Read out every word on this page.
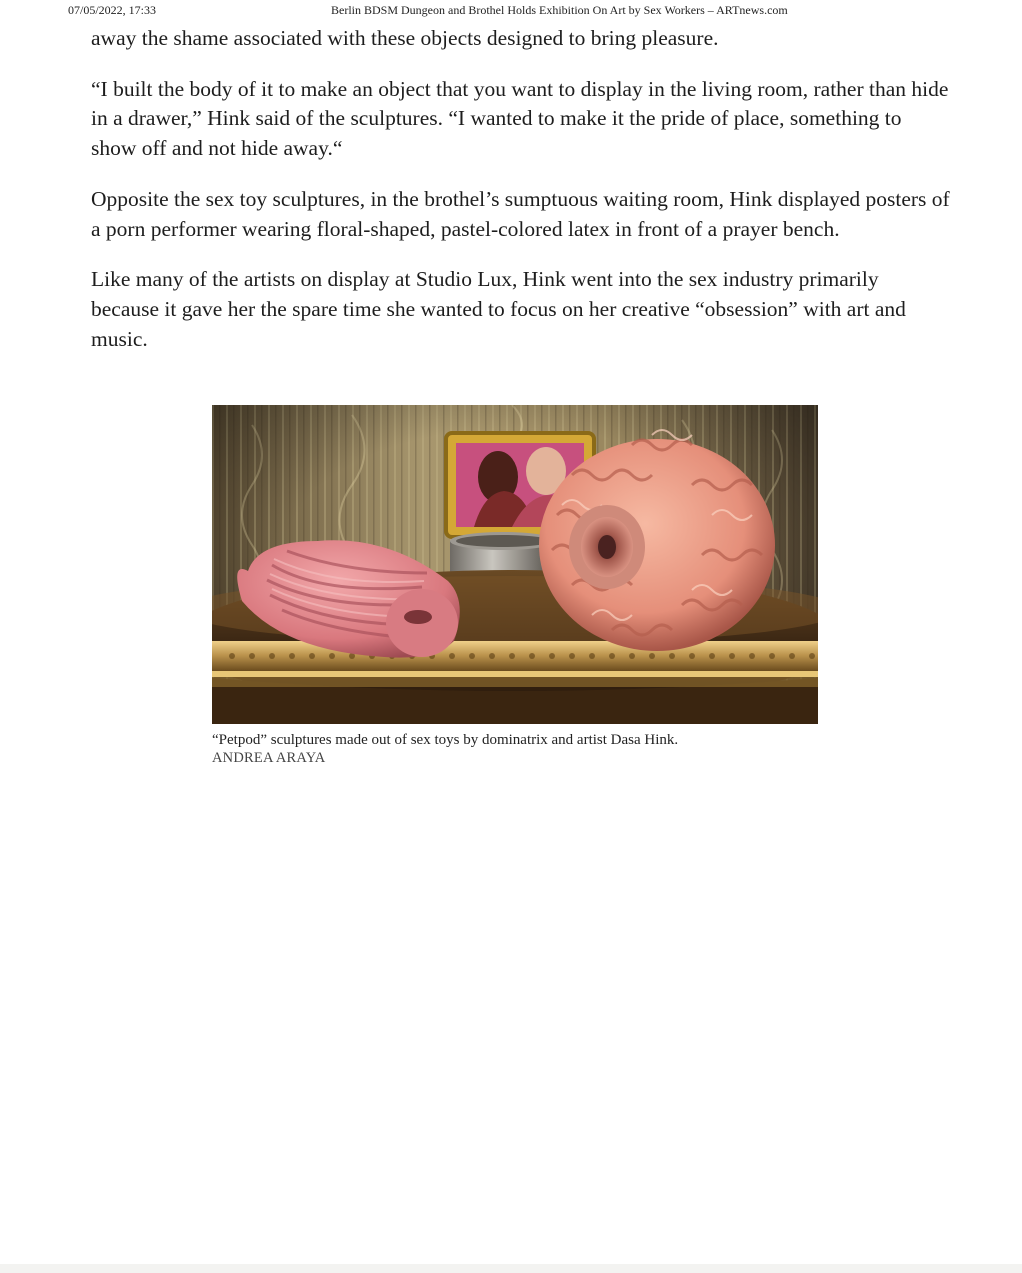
07/05/2022, 17:33	Berlin BDSM Dungeon and Brothel Holds Exhibition On Art by Sex Workers – ARTnews.com

away the shame associated with these objects designed to bring pleasure.

“I built the body of it to make an object that you want to display in the living room, rather than hide in a drawer,” Hink said of the sculptures. “I wanted to make it the pride of place, something to show off and not hide away.“

Opposite the sex toy sculptures, in the brothel’s sumptuous waiting room, Hink displayed posters of a porn performer wearing floral-shaped, pastel-colored latex in front of a prayer bench.

Like many of the artists on display at Studio Lux, Hink went into the sex industry primarily because it gave her the spare time she wanted to focus on her creative “obsession” with art and music.

“Petpod” sculptures made out of sex toys by dominatrix and artist Dasa Hink.
ANDREA ARAYA
